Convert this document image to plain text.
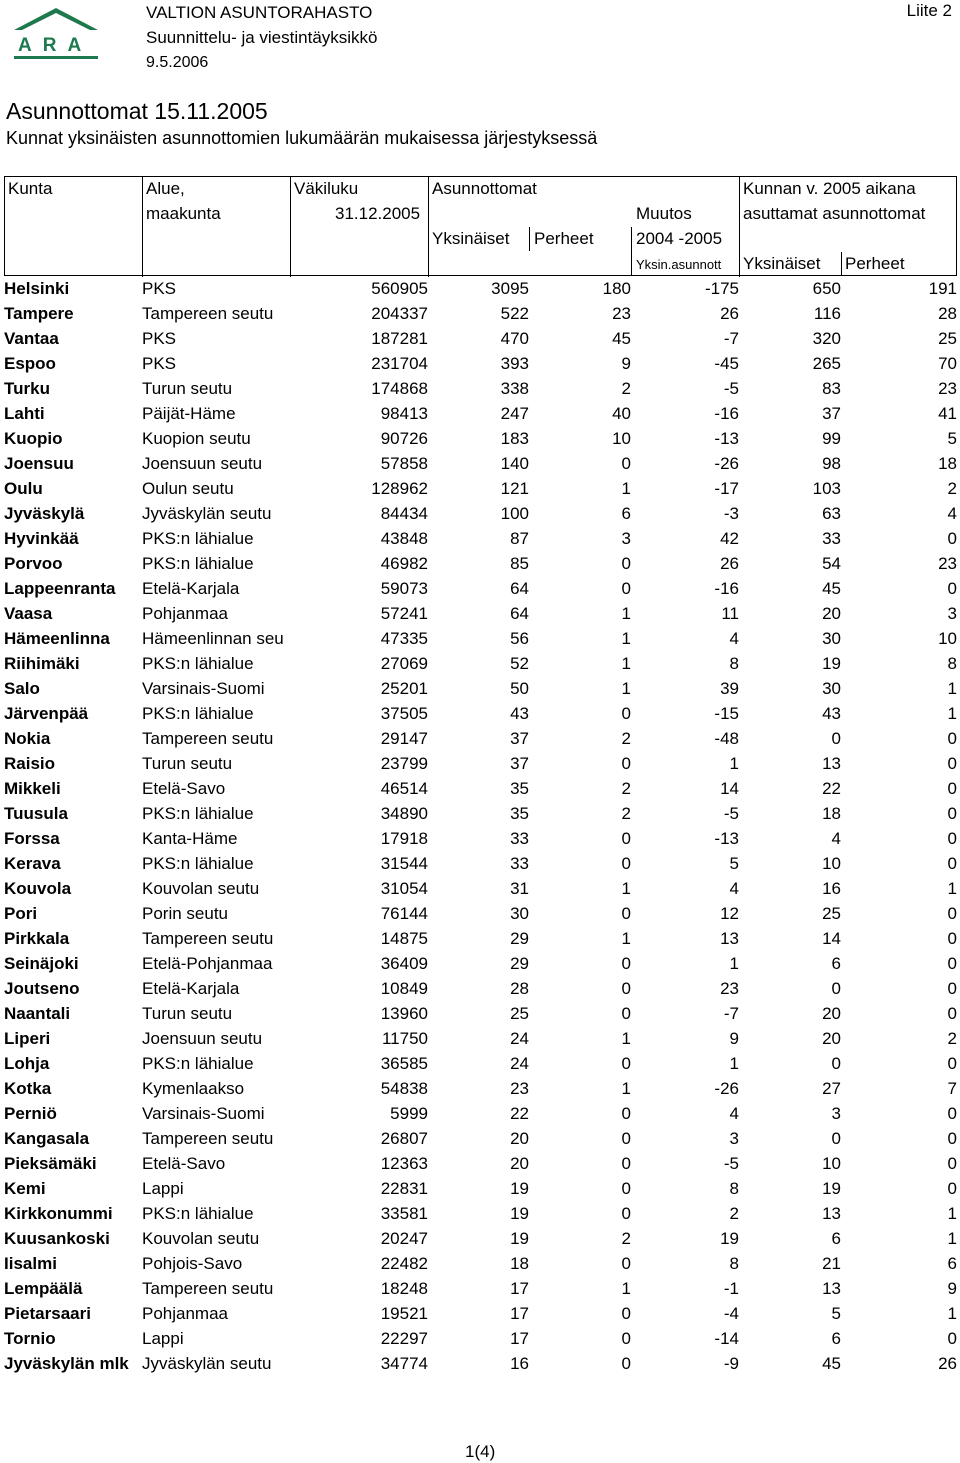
ARA
VALTION ASUNTORAHASTO
Suunnittelu- ja viestintäyksikkö
9.5.2006
Liite 2
Asunnottomat 15.11.2005
Kunnat yksinäisten asunnottomien lukumäärän mukaisessa järjestyksessä
Kunta	Alue,
maakunta
Väkiluku
31.12.2005
Asunnottomat
Yksinäiset Perheet
Muutos
2004 -2005
Yksin.asunnott
Kunnan v. 2005 aikana
asuttamat asunnottomat
Yksinäiset Perheet
Helsinki	PKS	560905	3095	180	-175	650	191
Tampere	Tampereen seutu	204337	522	23	26	116	28
Vantaa	PKS	187281	470	45	-7	320	25
Espoo	PKS	231704	393	9	-45	265	70
Turku	Turun seutu	174868	338	2	-5	83	23
Lahti	Päijät-Häme	98413	247	40	-16	37	41
Kuopio	Kuopion seutu	90726	183	10	-13	99	5
Joensuu	Joensuun seutu	57858	140	0	-26	98	18
Oulu	Oulun seutu	128962	121	1	-17	103	2
Jyväskylä	Jyväskylän seutu	84434	100	6	-3	63	4
Hyvinkää	PKS:n lähialue	43848	87	3	42	33	0
Porvoo	PKS:n lähialue	46982	85	0	26	54	23
Lappeenranta	Etelä-Karjala	59073	64	0	-16	45	0
Vaasa	Pohjanmaa	57241	64	1	11	20	3
Hämeenlinna	Hämeenlinnan seu	47335	56	1	4	30	10
Riihimäki	PKS:n lähialue	27069	52	1	8	19	8
Salo	Varsinais-Suomi	25201	50	1	39	30	1
Järvenpää	PKS:n lähialue	37505	43	0	-15	43	1
Nokia	Tampereen seutu	29147	37	2	-48	0	0
Raisio	Turun seutu	23799	37	0	1	13	0
Mikkeli	Etelä-Savo	46514	35	2	14	22	0
Tuusula	PKS:n lähialue	34890	35	2	-5	18	0
Forssa	Kanta-Häme	17918	33	0	-13	4	0
Kerava	PKS:n lähialue	31544	33	0	5	10	0
Kouvola	Kouvolan seutu	31054	31	1	4	16	1
Pori	Porin seutu	76144	30	0	12	25	0
Pirkkala	Tampereen seutu	14875	29	1	13	14	0
Seinäjoki	Etelä-Pohjanmaa	36409	29	0	1	6	0
Joutseno	Etelä-Karjala	10849	28	0	23	0	0
Naantali	Turun seutu	13960	25	0	-7	20	0
Liperi	Joensuun seutu	11750	24	1	9	20	2
Lohja	PKS:n lähialue	36585	24	0	1	0	0
Kotka	Kymenlaakso	54838	23	1	-26	27	7
Perniö	Varsinais-Suomi	5999	22	0	4	3	0
Kangasala	Tampereen seutu	26807	20	0	3	0	0
Pieksämäki	Etelä-Savo	12363	20	0	-5	10	0
Kemi	Lappi	22831	19	0	8	19	0
Kirkkonummi	PKS:n lähialue	33581	19	0	2	13	1
Kuusankoski	Kouvolan seutu	20247	19	2	19	6	1
Iisalmi	Pohjois-Savo	22482	18	0	8	21	6
Lempäälä	Tampereen seutu	18248	17	1	-1	13	9
Pietarsaari	Pohjanmaa	19521	17	0	-4	5	1
Tornio	Lappi	22297	17	0	-14	6	0
Jyväskylän mlk	Jyväskylän seutu	34774	16	0	-9	45	26
1(4)
